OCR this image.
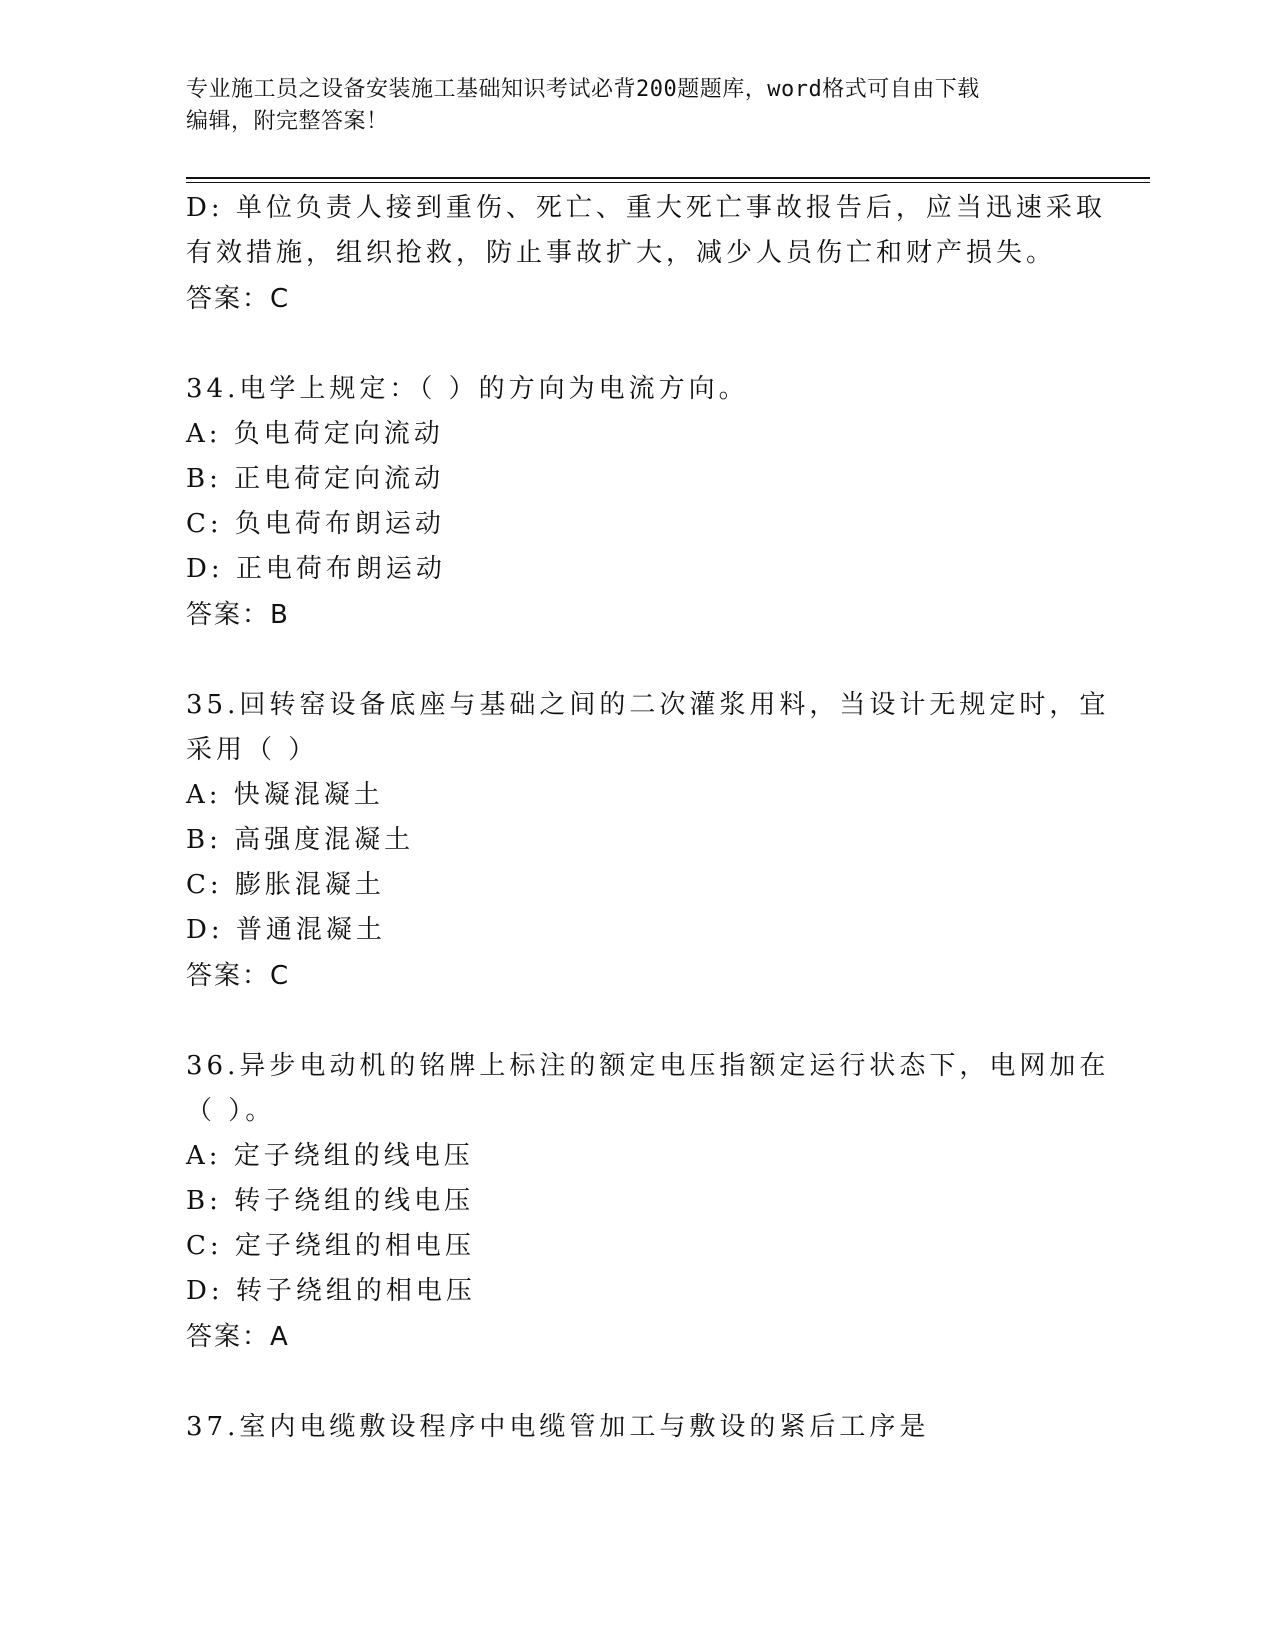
专业施工员之设备安装施工基础知识考试必背200题题库，word格式可自由下载
编辑，附完整答案！
D: 单位负责人接到重伤、死亡、重大死亡事故报告后，应当迅速采取
有效措施，组织抢救，防止事故扩大，减少人员伤亡和财产损失。
答案：C
34.电学上规定：（ ）的方向为电流方向。
A: 负电荷定向流动
B: 正电荷定向流动
C: 负电荷布朗运动
D: 正电荷布朗运动
答案：B
35.回转窑设备底座与基础之间的二次灌浆用料，当设计无规定时，宜
采用（ ）
A: 快凝混凝土
B: 高强度混凝土
C: 膨胀混凝土
D: 普通混凝土
答案：C
36.异步电动机的铭牌上标注的额定电压指额定运行状态下，电网加在
（ ）。
A: 定子绕组的线电压
B: 转子绕组的线电压
C: 定子绕组的相电压
D: 转子绕组的相电压
答案：A
37.室内电缆敷设程序中电缆管加工与敷设的紧后工序是
